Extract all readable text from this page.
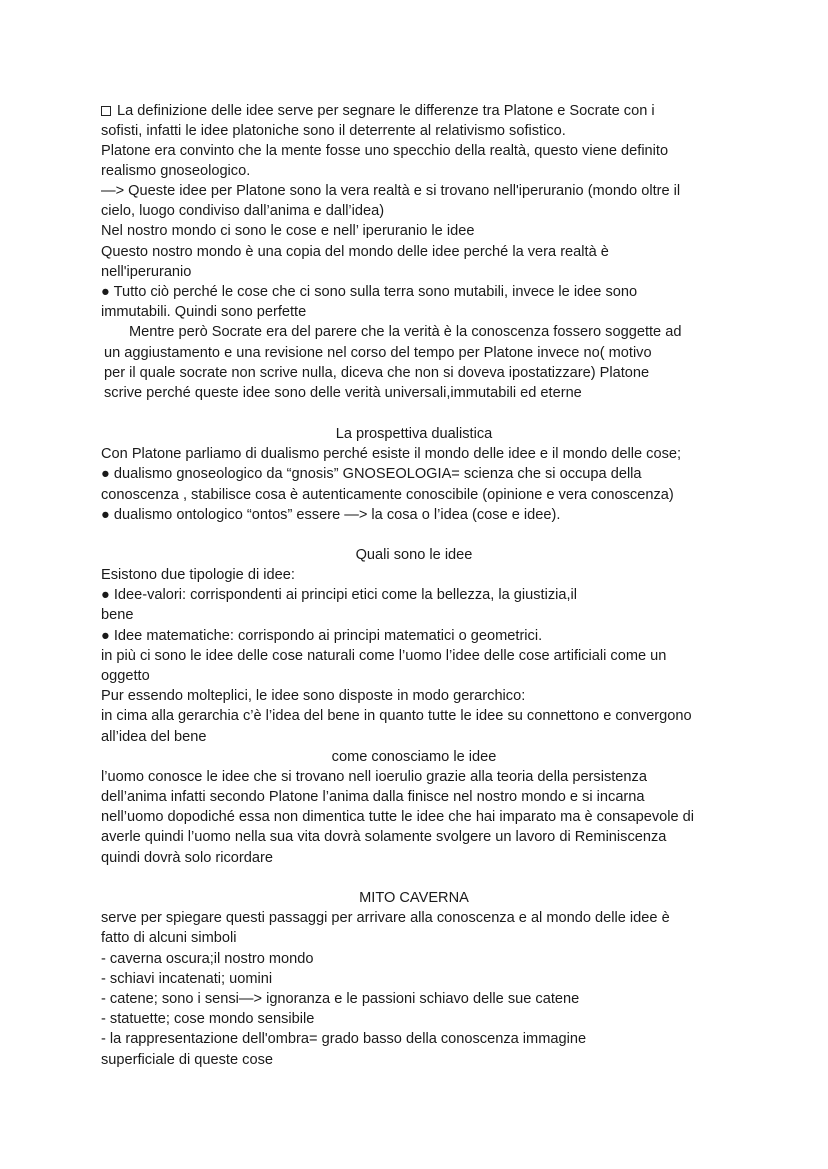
La definizione delle idee serve per segnare le differenze tra Platone e Socrate con i
sofisti, infatti le idee platoniche sono il deterrente al relativismo sofistico.
Platone era convinto che la mente fosse uno specchio della realtà, questo viene definito
realismo gnoseologico.
—> Queste idee per Platone sono la vera realtà e si trovano nell'iperuranio (mondo oltre il
cielo, luogo condiviso dall’anima e dall’idea)
Nel nostro mondo ci sono le cose e nell’ iperuranio le idee
Questo nostro mondo è una copia del mondo delle idee perché la vera realtà è
nell'iperuranio
● Tutto ciò perché le cose che ci sono sulla terra sono mutabili, invece le idee sono
immutabili. Quindi sono perfette
Mentre però Socrate era del parere che la verità è la conoscenza fossero soggette ad
un aggiustamento e una revisione nel corso del tempo per Platone invece no( motivo
per il quale socrate non scrive nulla, diceva che non si doveva ipostatizzare) Platone
scrive perché queste idee sono delle verità universali,immutabili ed eterne
La prospettiva dualistica
Con Platone parliamo di dualismo perché esiste il mondo delle idee e il mondo delle cose;
● dualismo gnoseologico da “gnosis” GNOSEOLOGIA= scienza che si occupa della
conoscenza , stabilisce cosa è autenticamente conoscibile (opinione e vera conoscenza)
● dualismo ontologico “ontos” essere —> la cosa o l’idea (cose e idee).
Quali sono le idee
Esistono due tipologie di idee:
● Idee-valori: corrispondenti ai principi etici come la bellezza, la giustizia,il
bene
● Idee matematiche: corrispondo ai principi matematici o geometrici.
in più ci sono le idee delle cose naturali come l’uomo l’idee delle cose artificiali come un
oggetto
Pur essendo molteplici, le idee sono disposte in modo gerarchico:
in cima alla gerarchia c’è l’idea del bene in quanto tutte le idee su connettono e convergono
all’idea del bene
come conosciamo le idee
l’uomo conosce le idee che si trovano nell ioerulio grazie alla teoria della persistenza
dell’anima infatti secondo Platone l’anima dalla finisce nel nostro mondo e si incarna
nell’uomo dopodiché essa non dimentica tutte le idee che hai imparato ma è consapevole di
averle quindi l’uomo nella sua vita dovrà solamente svolgere un lavoro di Reminiscenza
quindi dovrà solo ricordare
MITO CAVERNA
serve per spiegare questi passaggi per arrivare alla conoscenza e al mondo delle idee è
fatto di alcuni simboli
- caverna oscura;il nostro mondo
- schiavi incatenati; uomini
- catene; sono i sensi—> ignoranza e le passioni schiavo delle sue catene
- statuette; cose mondo sensibile
- la rappresentazione dell'ombra= grado basso della conoscenza immagine
superficiale di queste cose
